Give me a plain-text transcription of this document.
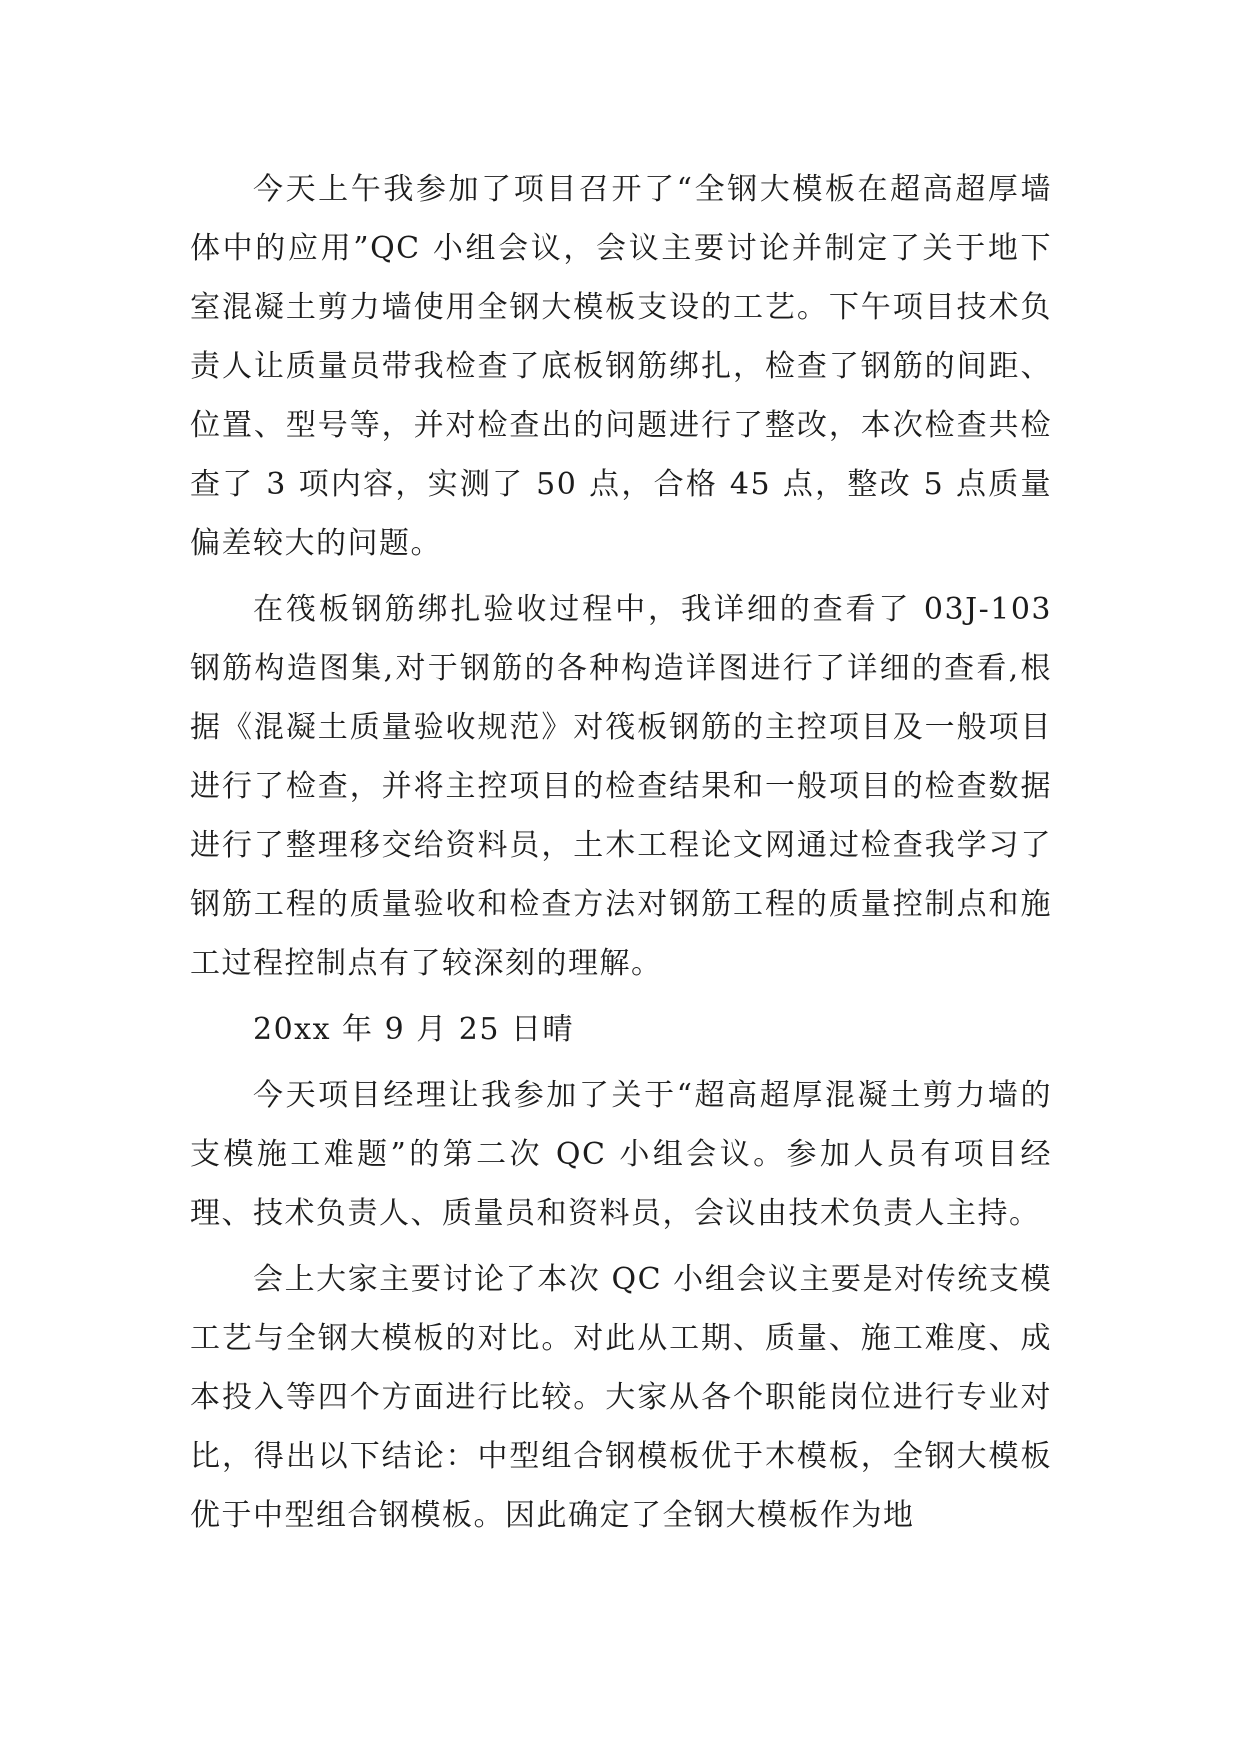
今天上午我参加了项目召开了“全钢大模板在超高超厚墙体中的应用”QC 小组会议，会议主要讨论并制定了关于地下室混凝土剪力墙使用全钢大模板支设的工艺。下午项目技术负责人让质量员带我检查了底板钢筋绑扎，检查了钢筋的间距、位置、型号等，并对检查出的问题进行了整改，本次检查共检查了 3 项内容，实测了 50 点，合格 45 点，整改 5 点质量偏差较大的问题。

在筏板钢筋绑扎验收过程中，我详细的查看了 03J-103 钢筋构造图集,对于钢筋的各种构造详图进行了详细的查看,根据《混凝土质量验收规范》对筏板钢筋的主控项目及一般项目进行了检查，并将主控项目的检查结果和一般项目的检查数据进行了整理移交给资料员，土木工程论文网通过检查我学习了钢筋工程的质量验收和检查方法对钢筋工程的质量控制点和施工过程控制点有了较深刻的理解。

20xx 年 9 月 25 日晴

今天项目经理让我参加了关于“超高超厚混凝土剪力墙的支模施工难题”的第二次 QC 小组会议。参加人员有项目经理、技术负责人、质量员和资料员，会议由技术负责人主持。

会上大家主要讨论了本次 QC 小组会议主要是对传统支模工艺与全钢大模板的对比。对此从工期、质量、施工难度、成本投入等四个方面进行比较。大家从各个职能岗位进行专业对比，得出以下结论：中型组合钢模板优于木模板，全钢大模板优于中型组合钢模板。因此确定了全钢大模板作为地
